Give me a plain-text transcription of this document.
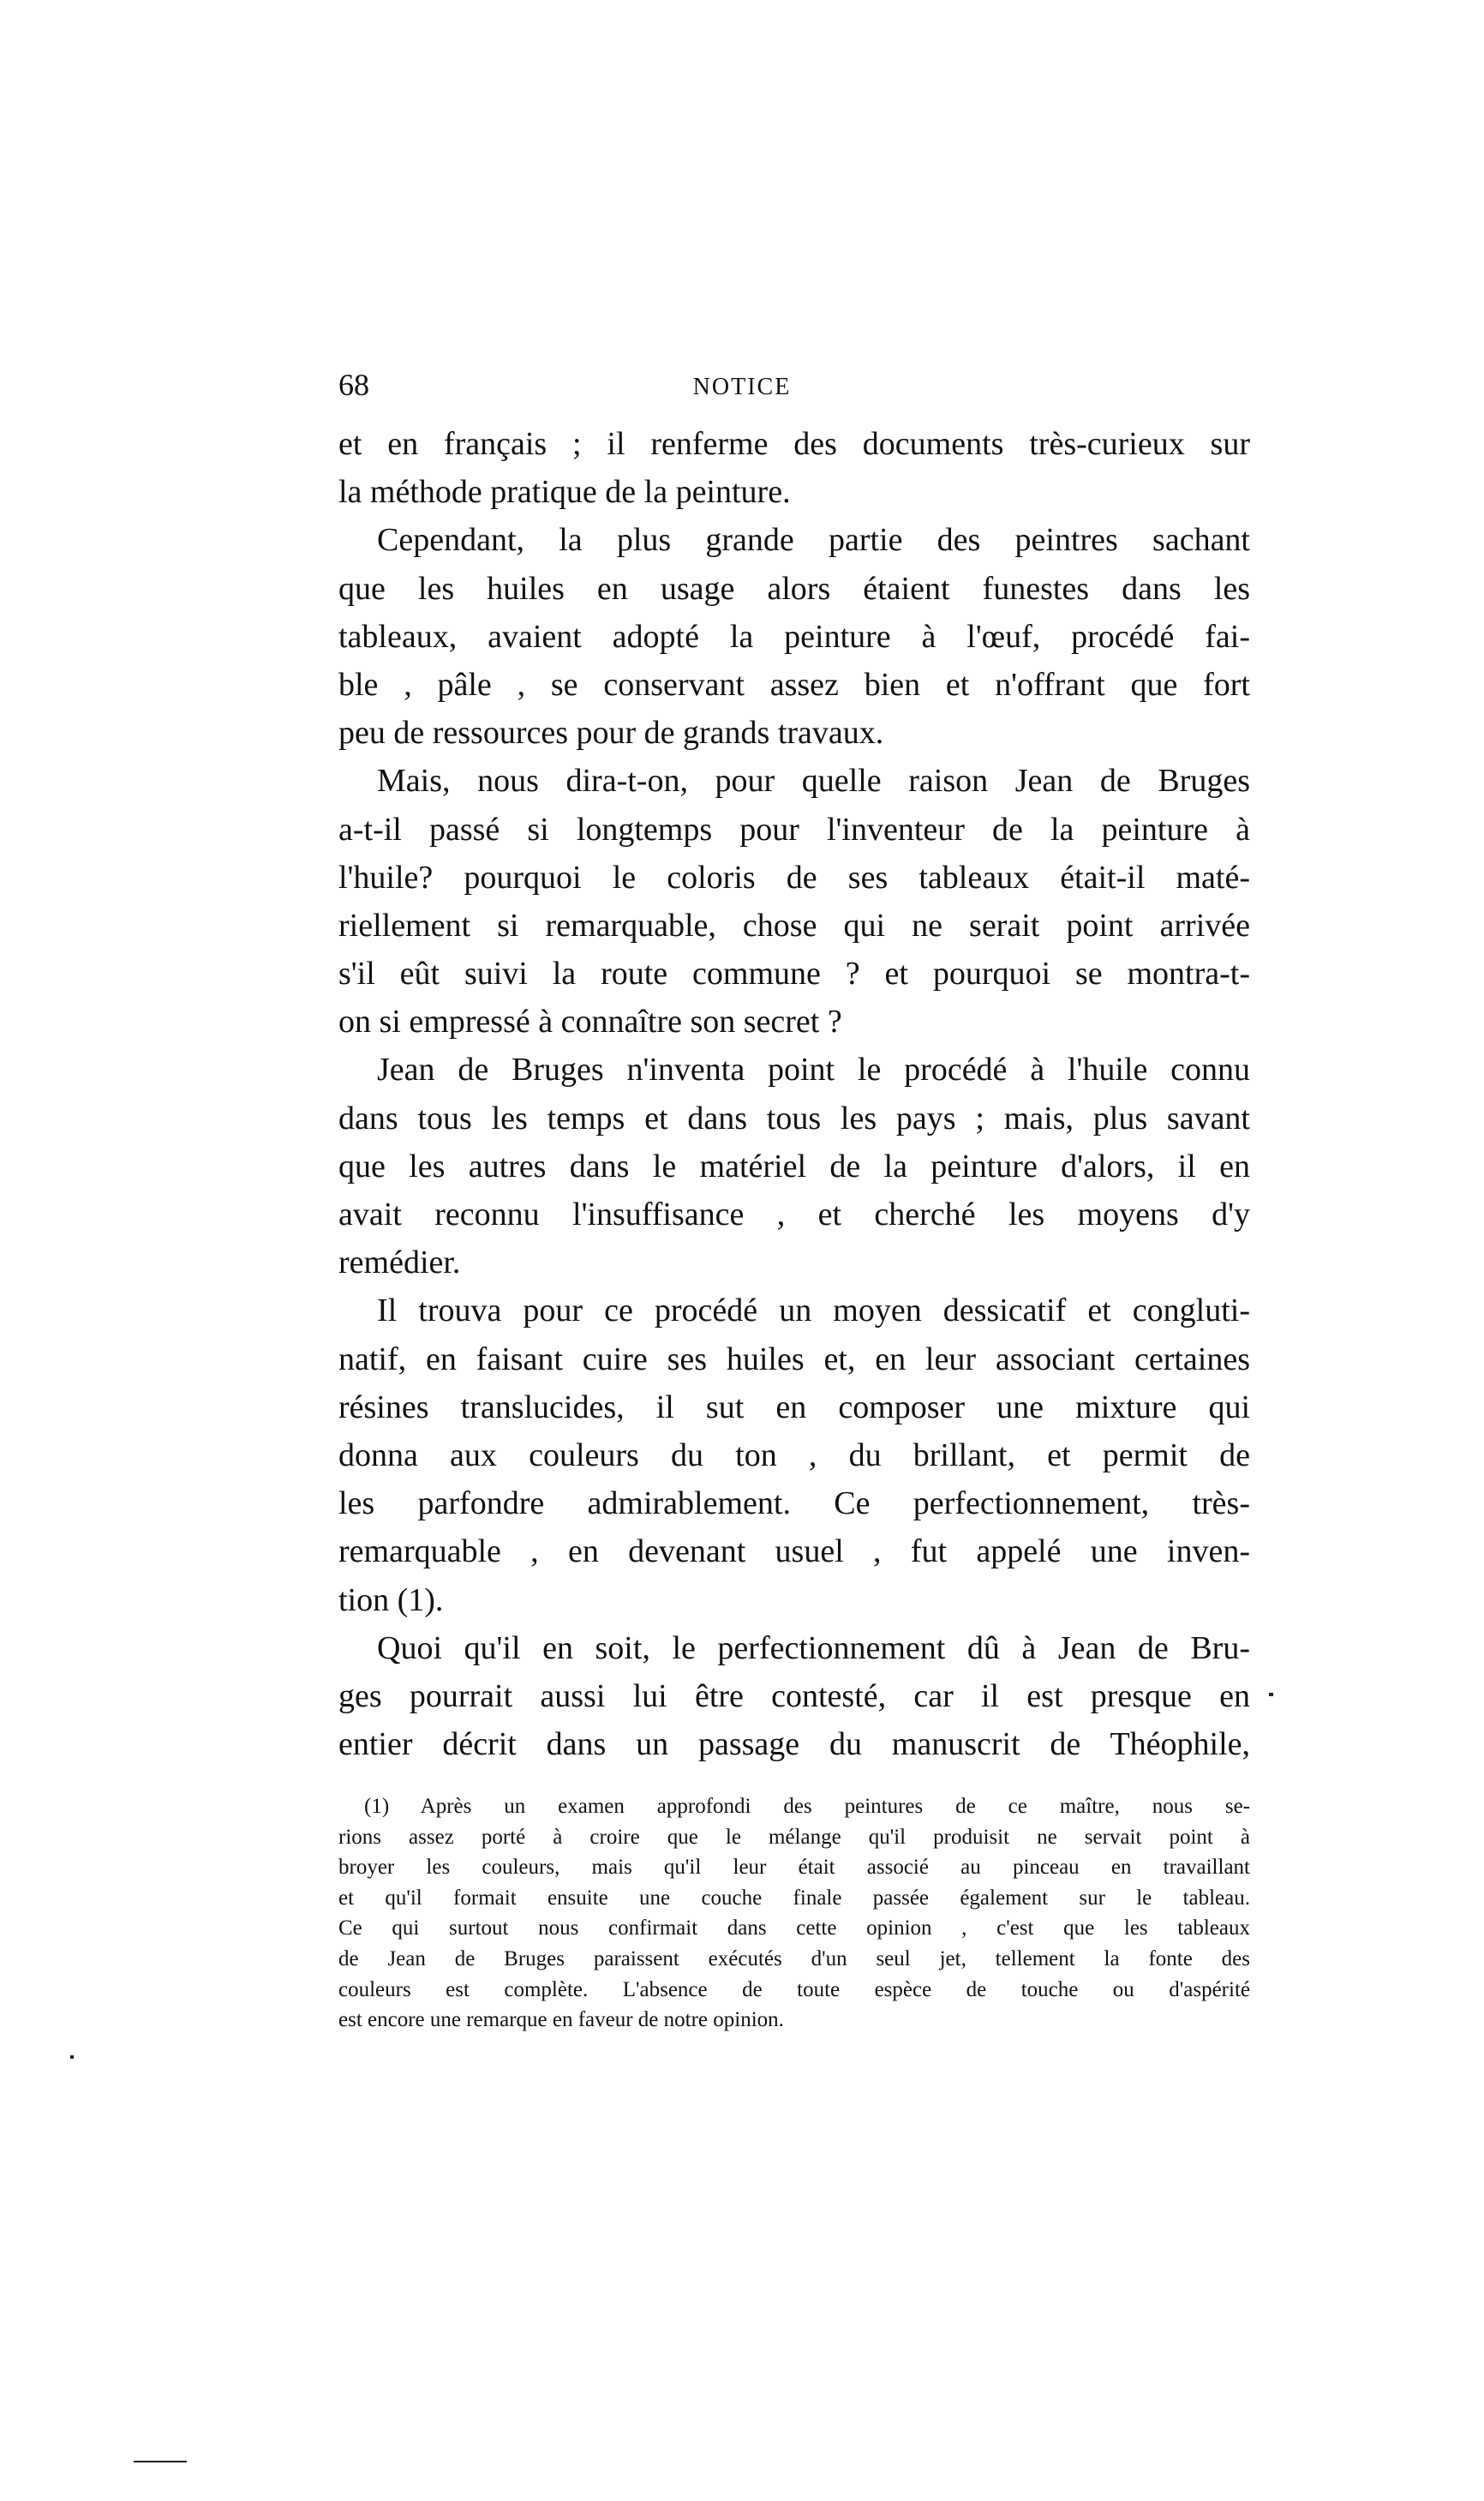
68	NOTICE
et en français ; il renferme des documents très-curieux sur
la méthode pratique de la peinture.
Cependant, la plus grande partie des peintres sachant
que les huiles en usage alors étaient funestes dans les
tableaux, avaient adopté la peinture à l'œuf, procédé fai-
ble , pâle , se conservant assez bien et n'offrant que fort
peu de ressources pour de grands travaux.
Mais, nous dira-t-on, pour quelle raison Jean de Bruges
a-t-il passé si longtemps pour l'inventeur de la peinture à
l'huile? pourquoi le coloris de ses tableaux était-il maté-
riellement si remarquable, chose qui ne serait point arrivée
s'il eût suivi la route commune ? et pourquoi se montra-t-
on si empressé à connaître son secret ?
Jean de Bruges n'inventa point le procédé à l'huile connu
dans tous les temps et dans tous les pays ; mais, plus savant
que les autres dans le matériel de la peinture d'alors, il en
avait reconnu l'insuffisance , et cherché les moyens d'y
remédier.
Il trouva pour ce procédé un moyen dessicatif et congluti-
natif, en faisant cuire ses huiles et, en leur associant certaines
résines translucides, il sut en composer une mixture qui
donna aux couleurs du ton , du brillant, et permit de
les parfondre admirablement. Ce perfectionnement, très-
remarquable , en devenant usuel , fut appelé une inven-
tion (1).
Quoi qu'il en soit, le perfectionnement dû à Jean de Bru-
ges pourrait aussi lui être contesté, car il est presque en
entier décrit dans un passage du manuscrit de Théophile,
(1) Après un examen approfondi des peintures de ce maître, nous se-
rions assez porté à croire que le mélange qu'il produisit ne servait point à
broyer les couleurs, mais qu'il leur était associé au pinceau en travaillant
et qu'il formait ensuite une couche finale passée également sur le tableau.
Ce qui surtout nous confirmait dans cette opinion , c'est que les tableaux
de Jean de Bruges paraissent exécutés d'un seul jet, tellement la fonte des
couleurs est complète. L'absence de toute espèce de touche ou d'aspérité
est encore une remarque en faveur de notre opinion.
